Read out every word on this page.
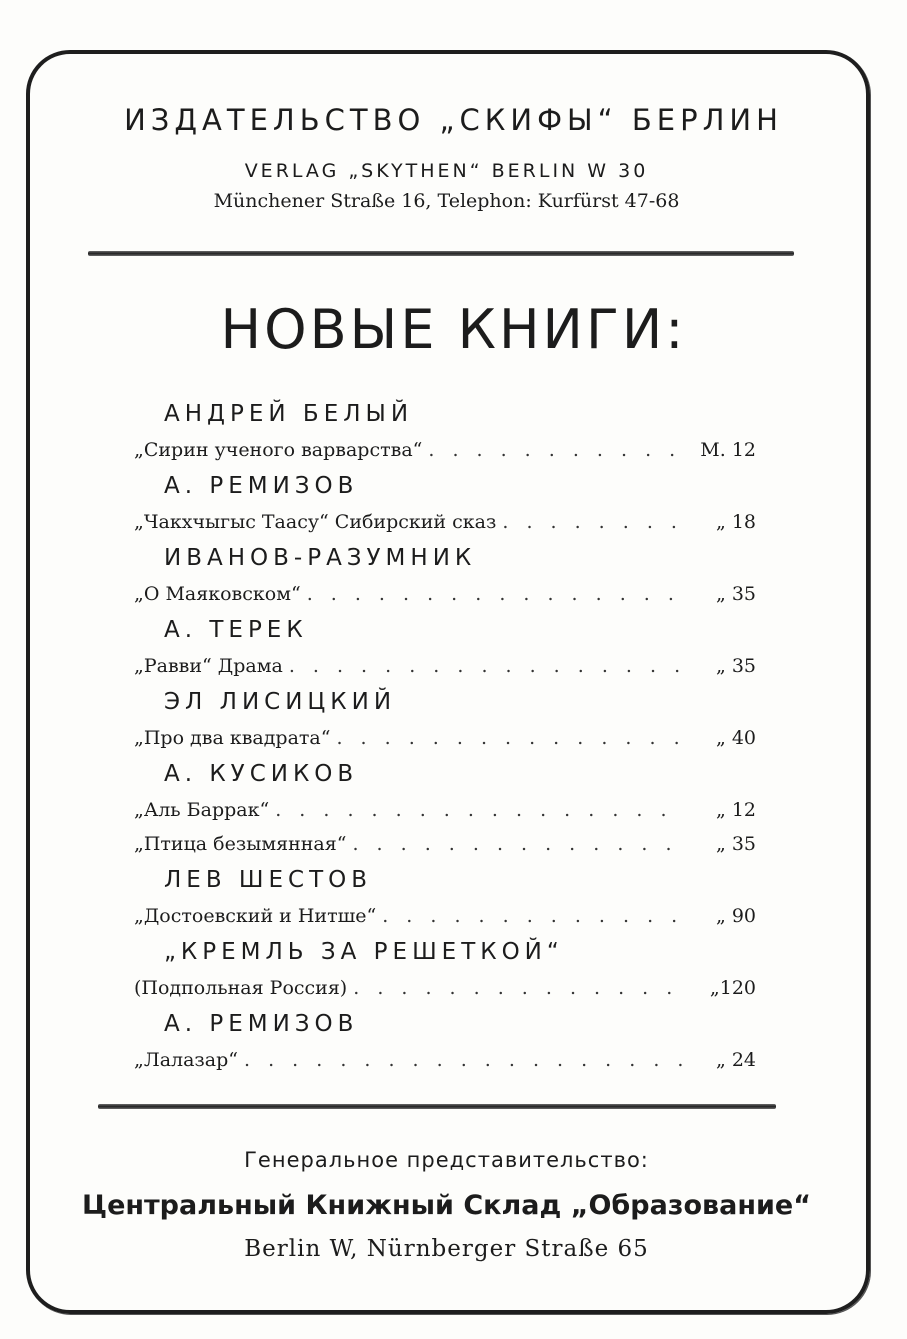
ИЗДАТЕЛЬСТВО „СКИФЫ“ БЕРЛИН
VERLAG „SKYTHEN“ BERLIN W 30
Münchener Straße 16, Telephon: Kurfürst 47-68
НОВЫЕ КНИГИ:
АНДРЕЙ БЕЛЫЙ
„Сирин ученого варварства“ . . .	M. 12
А. РЕМИЗОВ
„Чакхчыгыс Таасу“ Сибирский сказ . . .	„ 18
ИВАНОВ-РАЗУМНИК
„О Маяковском“ . . .	„ 35
А. ТЕРЕК
„Равви“ Драма . . .	„ 35
ЭЛ ЛИСИЦКИЙ
„Про два квадрата“ . . .	„ 40
А. КУСИКОВ
„Аль Баррак“ . . .	„ 12
„Птица безымянная“ . . .	„ 35
ЛЕВ ШЕСТОВ
„Достоевский и Нитше“ . . .	„ 90
„КРЕМЛЬ ЗА РЕШЕТКОЙ“
(Подпольная Россия) . . .	„120
А. РЕМИЗОВ
„Лалазар“ . . .	„ 24
Генеральное представительство:
Центральный Книжный Склад „Образование“
Berlin W, Nürnberger Straße 65
